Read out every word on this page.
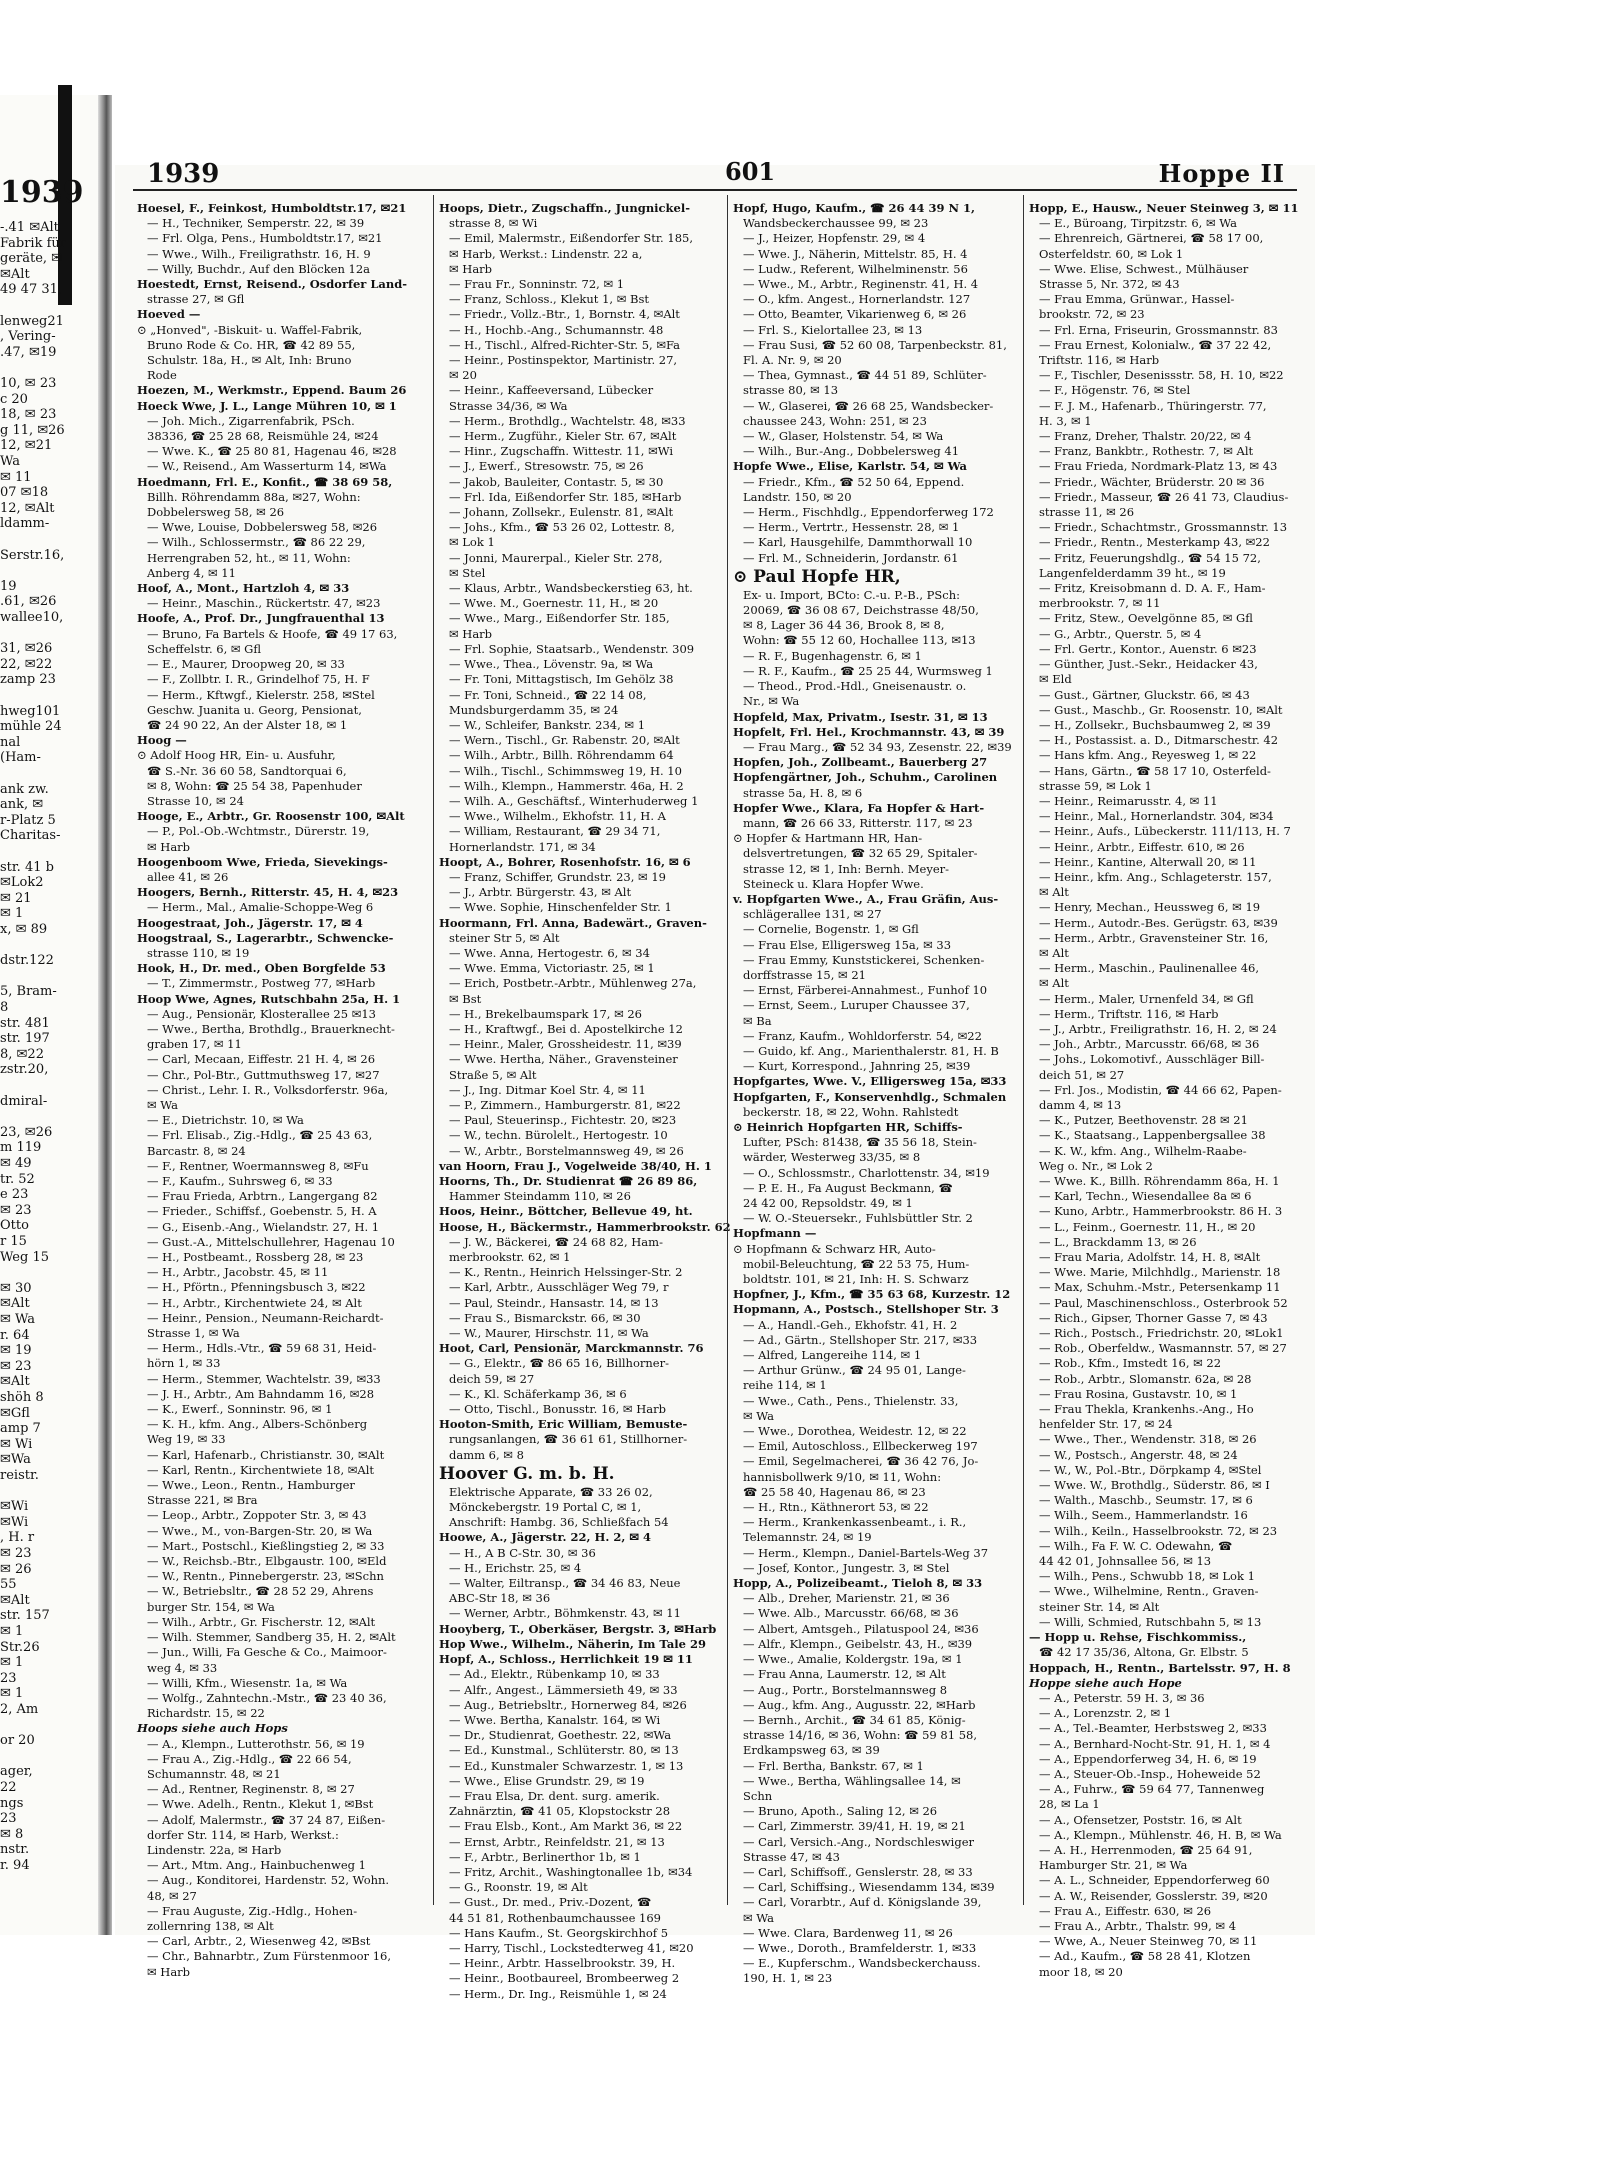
1939
-.41 ✉Alt
Fabrik für
geräte, ✉
✉Alt
49 47 31,
lenweg21
, Vering-
.47, ✉19
10, ✉ 23
c 20
18, ✉ 23
g 11, ✉26
12, ✉21
Wa
✉ 11
07 ✉18
12, ✉Alt
ldamm-
Serstr.16,
19
.61, ✉26
wallee10,
31, ✉26
22, ✉22
zamp 23
hweg101
mühle 24
nal
(Ham-
ank zw.
ank, ✉
r-Platz 5
Charitas-
str. 41 b
✉Lok2
✉ 21
✉ 1
x, ✉ 89
dstr.122
5, Bram-
8
str. 481
str. 197
8, ✉22
zstr.20,
dmiral-
23, ✉26
m 119
✉ 49
tr. 52
e 23
✉ 23
Otto
r 15
Weg 15
✉ 30
✉Alt
✉ Wa
r. 64
✉ 19
✉ 23
✉Alt
shöh 8
✉Gfl
amp 7
✉ Wi
✉Wa
reistr.
✉Wi
✉Wi
, H. r
✉ 23
✉ 26
55
✉Alt
str. 157
✉ 1
Str.26
✉ 1
23
✉ 1
2, Am
or 20
ager,
22
ngs
23
✉ 8
nstr.
r. 94
1939	601	Hoppe II
Hoesel, F., Feinkost, Humboldtstr.17, ✉21
— H., Techniker, Semperstr. 22, ✉ 39
— Frl. Olga, Pens., Humboldtstr.17, ✉21
— Wwe., Wilh., Freiligrathstr. 16, H. 9
— Willy, Buchdr., Auf den Blöcken 12a
Hoestedt, Ernst, Reisend., Osdorfer Land-
strasse 27, ✉ Gfl
Hoeved —
⊙ „Honved", -Biskuit- u. Waffel-Fabrik,
Bruno Rode & Co. HR, ☎ 42 89 55,
Schulstr. 18a, H., ✉ Alt, Inh: Bruno
Rode
Hoezen, M., Werkmstr., Eppend. Baum 26
Hoeck Wwe, J. L., Lange Mühren 10, ✉ 1
— Joh. Mich., Zigarrenfabrik, PSch.
38336, ☎ 25 28 68, Reismühle 24, ✉24
— Wwe. K., ☎ 25 80 81, Hagenau 46, ✉28
— W., Reisend., Am Wasserturm 14, ✉Wa
Hoedmann, Frl. E., Konfit., ☎ 38 69 58,
Billh. Röhrendamm 88a, ✉27, Wohn:
Dobbelersweg 58, ✉ 26
— Wwe, Louise, Dobbelersweg 58, ✉26
— Wilh., Schlossermstr., ☎ 86 22 29,
Herrengraben 52, ht., ✉ 11, Wohn:
Anberg 4, ✉ 11
Hoof, A., Mont., Hartzloh 4, ✉ 33
— Heinr., Maschin., Rückertstr. 47, ✉23
Hoofe, A., Prof. Dr., Jungfrauenthal 13
— Bruno, Fa Bartels & Hoofe, ☎ 49 17 63,
Scheffelstr. 6, ✉ Gfl
— E., Maurer, Droopweg 20, ✉ 33
— F., Zollbtr. I. R., Grindelhof 75, H. F
— Herm., Kftwgf., Kielerstr. 258, ✉Stel
Geschw. Juanita u. Georg, Pensionat,
☎ 24 90 22, An der Alster 18, ✉ 1
Hoog —
⊙ Adolf Hoog HR, Ein- u. Ausfuhr,
☎ S.-Nr. 36 60 58, Sandtorquai 6,
✉ 8, Wohn: ☎ 25 54 38, Papenhuder
Strasse 10, ✉ 24
Hooge, E., Arbtr., Gr. Roosenstr 100, ✉Alt
— P., Pol.-Ob.-Wchtmstr., Dürerstr. 19,
✉ Harb
Hoogenboom Wwe, Frieda, Sievekings-
allee 41, ✉ 26
Hoogers, Bernh., Ritterstr. 45, H. 4, ✉23
— Herm., Mal., Amalie-Schoppe-Weg 6
Hoogestraat, Joh., Jägerstr. 17, ✉ 4
Hoogstraal, S., Lagerarbtr., Schwencke-
strasse 110, ✉ 19
Hook, H., Dr. med., Oben Borgfelde 53
— T., Zimmermstr., Postweg 77, ✉Harb
Hoop Wwe, Agnes, Rutschbahn 25a, H. 1
— Aug., Pensionär, Klosterallee 25 ✉13
— Wwe., Bertha, Brothdlg., Brauerknecht-
graben 17, ✉ 11
— Carl, Mecaan, Eiffestr. 21 H. 4, ✉ 26
— Chr., Pol-Btr., Guttmuthsweg 17, ✉27
— Christ., Lehr. I. R., Volksdorferstr. 96a,
✉ Wa
— E., Dietrichstr. 10, ✉ Wa
— Frl. Elisab., Zig.-Hdlg., ☎ 25 43 63,
Barcastr. 8, ✉ 24
— F., Rentner, Woermannsweg 8, ✉Fu
— F., Kaufm., Suhrsweg 6, ✉ 33
— Frau Frieda, Arbtrn., Langergang 82
— Frieder., Schiffsf., Goebenstr. 5, H. A
— G., Eisenb.-Ang., Wielandstr. 27, H. 1
— Gust.-A., Mittelschullehrer, Hagenau 10
— H., Postbeamt., Rossberg 28, ✉ 23
— H., Arbtr., Jacobstr. 45, ✉ 11
— H., Pförtn., Pfenningsbusch 3, ✉22
— H., Arbtr., Kirchentwiete 24, ✉ Alt
— Heinr., Pension., Neumann-Reichardt-
Strasse 1, ✉ Wa
— Herm., Hdls.-Vtr., ☎ 59 68 31, Heid-
hörn 1, ✉ 33
— Herm., Stemmer, Wachtelstr. 39, ✉33
— J. H., Arbtr., Am Bahndamm 16, ✉28
— K., Ewerf., Sonninstr. 96, ✉ 1
— K. H., kfm. Ang., Albers-Schönberg
Weg 19, ✉ 33
— Karl, Hafenarb., Christianstr. 30, ✉Alt
— Karl, Rentn., Kirchentwiete 18, ✉Alt
— Wwe., Leon., Rentn., Hamburger
Strasse 221, ✉ Bra
— Leop., Arbtr., Zoppoter Str. 3, ✉ 43
— Wwe., M., von-Bargen-Str. 20, ✉ Wa
— Mart., Postschl., Kießlingstieg 2, ✉ 33
— W., Reichsb.-Btr., Elbgaustr. 100, ✉Eld
— W., Rentn., Pinnebergerstr. 23, ✉Schn
— W., Betriebsltr., ☎ 28 52 29, Ahrens
burger Str. 154, ✉ Wa
— Wilh., Arbtr., Gr. Fischerstr. 12, ✉Alt
— Wilh. Stemmer, Sandberg 35, H. 2, ✉Alt
— Jun., Willi, Fa Gesche & Co., Maimoor-
weg 4, ✉ 33
— Willi, Kfm., Wiesenstr. 1a, ✉ Wa
— Wolfg., Zahntechn.-Mstr., ☎ 23 40 36,
Richardstr. 15, ✉ 22
Hoops siehe auch Hops
— A., Klempn., Lutterothstr. 56, ✉ 19
— Frau A., Zig.-Hdlg., ☎ 22 66 54,
Schumannstr. 48, ✉ 21
— Ad., Rentner, Reginenstr. 8, ✉ 27
— Wwe. Adelh., Rentn., Klekut 1, ✉Bst
— Adolf, Malermstr., ☎ 37 24 87, Eißen-
dorfer Str. 114, ✉ Harb, Werkst.:
Lindenstr. 22a, ✉ Harb
— Art., Mtm. Ang., Hainbuchenweg 1
— Aug., Konditorei, Hardenstr. 52, Wohn.
48, ✉ 27
— Frau Auguste, Zig.-Hdlg., Hohen-
zollernring 138, ✉ Alt
— Carl, Arbtr., 2, Wiesenweg 42, ✉Bst
— Chr., Bahnarbtr., Zum Fürstenmoor 16,
✉ Harb
Hoops, Dietr., Zugschaffn., Jungnickel-
strasse 8, ✉ Wi
— Emil, Malermstr., Eißendorfer Str. 185,
✉ Harb, Werkst.: Lindenstr. 22 a,
✉ Harb
— Frau Fr., Sonninstr. 72, ✉ 1
— Franz, Schloss., Klekut 1, ✉ Bst
— Friedr., Vollz.-Btr., 1, Bornstr. 4, ✉Alt
— H., Hochb.-Ang., Schumannstr. 48
— H., Tischl., Alfred-Richter-Str. 5, ✉Fa
— Heinr., Postinspektor, Martinistr. 27,
✉ 20
— Heinr., Kaffeeversand, Lübecker
Strasse 34/36, ✉ Wa
— Herm., Brothdlg., Wachtelstr. 48, ✉33
— Herm., Zugführ., Kieler Str. 67, ✉Alt
— Hinr., Zugschaffn. Wittestr. 11, ✉Wi
— J., Ewerf., Stresowstr. 75, ✉ 26
— Jakob, Bauleiter, Contastr. 5, ✉ 30
— Frl. Ida, Eißendorfer Str. 185, ✉Harb
— Johann, Zollsekr., Eulenstr. 81, ✉Alt
— Johs., Kfm., ☎ 53 26 02, Lottestr. 8,
✉ Lok 1
— Jonni, Maurerpal., Kieler Str. 278,
✉ Stel
— Klaus, Arbtr., Wandsbeckerstieg 63, ht.
— Wwe. M., Goernestr. 11, H., ✉ 20
— Wwe., Marg., Eißendorfer Str. 185,
✉ Harb
— Frl. Sophie, Staatsarb., Wendenstr. 309
— Wwe., Thea., Lövenstr. 9a, ✉ Wa
— Fr. Toni, Mittagstisch, Im Gehölz 38
— Fr. Toni, Schneid., ☎ 22 14 08,
Mundsburgerdamm 35, ✉ 24
— W., Schleifer, Bankstr. 234, ✉ 1
— Wern., Tischl., Gr. Rabenstr. 20, ✉Alt
— Wilh., Arbtr., Billh. Röhrendamm 64
— Wilh., Tischl., Schimmsweg 19, H. 10
— Wilh., Klempn., Hammerstr. 46a, H. 2
— Wilh. A., Geschäftsf., Winterhuderweg 1
— Wwe., Wilhelm., Ekhofstr. 11, H. A
— William, Restaurant, ☎ 29 34 71,
Hornerlandstr. 171, ✉ 34
Hoopt, A., Bohrer, Rosenhofstr. 16, ✉ 6
— Franz, Schiffer, Grundstr. 23, ✉ 19
— J., Arbtr. Bürgerstr. 43, ✉ Alt
— Wwe. Sophie, Hinschenfelder Str. 1
Hoormann, Frl. Anna, Badewärt., Graven-
steiner Str 5, ✉ Alt
— Wwe. Anna, Hertogestr. 6, ✉ 34
— Wwe. Emma, Victoriastr. 25, ✉ 1
— Erich, Postbetr.-Arbtr., Mühlenweg 27a,
✉ Bst
— H., Brekelbaumspark 17, ✉ 26
— H., Kraftwgf., Bei d. Apostelkirche 12
— Heinr., Maler, Grossheidestr. 11, ✉39
— Wwe. Hertha, Näher., Gravensteiner
Straße 5, ✉ Alt
— J., Ing. Ditmar Koel Str. 4, ✉ 11
— P., Zimmern., Hamburgerstr. 81, ✉22
— Paul, Steuerinsp., Fichtestr. 20, ✉23
— W., techn. Bürolelt., Hertogestr. 10
— W., Arbtr., Borstelmannsweg 49, ✉ 26
van Hoorn, Frau J., Vogelweide 38/40, H. 1
Hoorns, Th., Dr. Studienrat ☎ 26 89 86,
Hammer Steindamm 110, ✉ 26
Hoos, Heinr., Böttcher, Bellevue 49, ht.
Hoose, H., Bäckermstr., Hammerbrookstr. 62
— J. W., Bäckerei, ☎ 24 68 82, Ham-
merbrookstr. 62, ✉ 1
— K., Rentn., Heinrich Helssinger-Str. 2
— Karl, Arbtr., Ausschläger Weg 79, r
— Paul, Steindr., Hansastr. 14, ✉ 13
— Frau S., Bismarckstr. 66, ✉ 30
— W., Maurer, Hirschstr. 11, ✉ Wa
Hoot, Carl, Pensionär, Marckmannstr. 76
— G., Elektr., ☎ 86 65 16, Billhorner-
deich 59, ✉ 27
— K., Kl. Schäferkamp 36, ✉ 6
— Otto, Tischl., Bonusstr. 16, ✉ Harb
Hooton-Smith, Eric William, Bemuste-
rungsanlangen, ☎ 36 61 61, Stillhorner-
damm 6, ✉ 8
Hoover G. m. b. H.
Elektrische Apparate, ☎ 33 26 02,
Mönckebergstr. 19 Portal C, ✉ 1,
Anschrift: Hambg. 36, Schließfach 54
Hoowe, A., Jägerstr. 22, H. 2, ✉ 4
— H., A B C-Str. 30, ✉ 36
— H., Erichstr. 25, ✉ 4
— Walter, Eiltransp., ☎ 34 46 83, Neue
ABC-Str 18, ✉ 36
— Werner, Arbtr., Böhmkenstr. 43, ✉ 11
Hooyberg, T., Oberkäser, Bergstr. 3, ✉Harb
Hop Wwe., Wilhelm., Näherin, Im Tale 29
Hopf, A., Schloss., Herrlichkeit 19 ✉ 11
— Ad., Elektr., Rübenkamp 10, ✉ 33
— Alfr., Angest., Lämmersieth 49, ✉ 33
— Aug., Betriebsltr., Hornerweg 84, ✉26
— Wwe. Bertha, Kanalstr. 164, ✉ Wi
— Dr., Studienrat, Goethestr. 22, ✉Wa
— Ed., Kunstmal., Schlüterstr. 80, ✉ 13
— Ed., Kunstmaler Schwarzestr. 1, ✉ 13
— Wwe., Elise Grundstr. 29, ✉ 19
— Frau Elsa, Dr. dent. surg. amerik.
Zahnärztin, ☎ 41 05, Klopstockstr 28
— Frau Elsb., Kont., Am Markt 36, ✉ 22
— Ernst, Arbtr., Reinfeldstr. 21, ✉ 13
— F., Arbtr., Berlinerthor 1b, ✉ 1
— Fritz, Archit., Washingtonallee 1b, ✉34
— G., Roonstr. 19, ✉ Alt
— Gust., Dr. med., Priv.-Dozent, ☎
44 51 81, Rothenbaumchaussee 169
— Hans Kaufm., St. Georgskirchhof 5
— Harry, Tischl., Lockstedterweg 41, ✉20
— Heinr., Arbtr. Hasselbrookstr. 39, H.
— Heinr., Bootbaureel, Brombeerweg 2
— Herm., Dr. Ing., Reismühle 1, ✉ 24
Hopf, Hugo, Kaufm., ☎ 26 44 39 N 1,
Wandsbeckerchaussee 99, ✉ 23
— J., Heizer, Hopfenstr. 29, ✉ 4
— Wwe. J., Näherin, Mittelstr. 85, H. 4
— Ludw., Referent, Wilhelminenstr. 56
— Wwe., M., Arbtr., Reginenstr. 41, H. 4
— O., kfm. Angest., Hornerlandstr. 127
— Otto, Beamter, Vikarienweg 6, ✉ 26
— Frl. S., Kielortallee 23, ✉ 13
— Frau Susi, ☎ 52 60 08, Tarpenbeckstr. 81,
Fl. A. Nr. 9, ✉ 20
— Thea, Gymnast., ☎ 44 51 89, Schlüter-
strasse 80, ✉ 13
— W., Glaserei, ☎ 26 68 25, Wandsbecker-
chaussee 243, Wohn: 251, ✉ 23
— W., Glaser, Holstenstr. 54, ✉ Wa
— Wilh., Bur.-Ang., Dobbelersweg 41
Hopfe Wwe., Elise, Karlstr. 54, ✉ Wa
— Friedr., Kfm., ☎ 52 50 64, Eppend.
Landstr. 150, ✉ 20
— Herm., Fischhdlg., Eppendorferweg 172
— Herm., Vertrtr., Hessenstr. 28, ✉ 1
— Karl, Hausgehilfe, Dammthorwall 10
— Frl. M., Schneiderin, Jordanstr. 61
⊙ Paul Hopfe HR,
Ex- u. Import, BCto: C.-u. P.-B., PSch:
20069, ☎ 36 08 67, Deichstrasse 48/50,
✉ 8, Lager 36 44 36, Brook 8, ✉ 8,
Wohn: ☎ 55 12 60, Hochallee 113, ✉13
— R. F., Bugenhagenstr. 6, ✉ 1
— R. F., Kaufm., ☎ 25 25 44, Wurmsweg 1
— Theod., Prod.-Hdl., Gneisenaustr. o.
Nr., ✉ Wa
Hopfeld, Max, Privatm., Isestr. 31, ✉ 13
Hopfelt, Frl. Hel., Krochmannstr. 43, ✉ 39
— Frau Marg., ☎ 52 34 93, Zesenstr. 22, ✉39
Hopfen, Joh., Zollbeamt., Bauerberg 27
Hopfengärtner, Joh., Schuhm., Carolinen
strasse 5a, H. 8, ✉ 6
Hopfer Wwe., Klara, Fa Hopfer & Hart-
mann, ☎ 26 66 33, Ritterstr. 117, ✉ 23
⊙ Hopfer & Hartmann HR, Han-
delsvertretungen, ☎ 32 65 29, Spitaler-
strasse 12, ✉ 1, Inh: Bernh. Meyer-
Steineck u. Klara Hopfer Wwe.
v. Hopfgarten Wwe., A., Frau Gräfin, Aus-
schlägerallee 131, ✉ 27
— Cornelie, Bogenstr. 1, ✉ Gfl
— Frau Else, Elligersweg 15a, ✉ 33
— Frau Emmy, Kunststickerei, Schenken-
dorffstrasse 15, ✉ 21
— Ernst, Färberei-Annahmest., Funhof 10
— Ernst, Seem., Luruper Chaussee 37,
✉ Ba
— Franz, Kaufm., Wohldorferstr. 54, ✉22
— Guido, kf. Ang., Marienthalerstr. 81, H. B
— Kurt, Korrespond., Jahnring 25, ✉39
Hopfgartes, Wwe. V., Elligersweg 15a, ✉33
Hopfgarten, F., Konservenhdlg., Schmalen
beckerstr. 18, ✉ 22, Wohn. Rahlstedt
⊙ Heinrich Hopfgarten HR, Schiffs-
Lufter, PSch: 81438, ☎ 35 56 18, Stein-
wärder, Westerweg 33/35, ✉ 8
— O., Schlossmstr., Charlottenstr. 34, ✉19
— P. E. H., Fa August Beckmann, ☎
24 42 00, Repsoldstr. 49, ✉ 1
— W. O.-Steuersekr., Fuhlsbüttler Str. 2
Hopfmann —
⊙ Hopfmann & Schwarz HR, Auto-
mobil-Beleuchtung, ☎ 22 53 75, Hum-
boldtstr. 101, ✉ 21, Inh: H. S. Schwarz
Hopfner, J., Kfm., ☎ 35 63 68, Kurzestr. 12
Hopmann, A., Postsch., Stellshoper Str. 3
— A., Handl.-Geh., Ekhofstr. 41, H. 2
— Ad., Gärtn., Stellshoper Str. 217, ✉33
— Alfred, Langereihe 114, ✉ 1
— Arthur Grünw., ☎ 24 95 01, Lange-
reihe 114, ✉ 1
— Wwe., Cath., Pens., Thielenstr. 33,
✉ Wa
— Wwe., Dorothea, Weidestr. 12, ✉ 22
— Emil, Autoschloss., Ellbeckerweg 197
— Emil, Segelmacherei, ☎ 36 42 76, Jo-
hannisbollwerk 9/10, ✉ 11, Wohn:
☎ 25 58 40, Hagenau 86, ✉ 23
— H., Rtn., Käthnerort 53, ✉ 22
— Herm., Krankenkassenbeamt., i. R.,
Telemannstr. 24, ✉ 19
— Herm., Klempn., Daniel-Bartels-Weg 37
— Josef, Kontor., Jungestr. 3, ✉ Stel
Hopp, A., Polizeibeamt., Tieloh 8, ✉ 33
— Alb., Dreher, Marienstr. 21, ✉ 36
— Wwe. Alb., Marcusstr. 66/68, ✉ 36
— Albert, Amtsgeh., Pilatuspool 24, ✉36
— Alfr., Klempn., Geibelstr. 43, H., ✉39
— Wwe., Amalie, Koldergstr. 19a, ✉ 1
— Frau Anna, Laumerstr. 12, ✉ Alt
— Aug., Portr., Borstelmannsweg 8
— Aug., kfm. Ang., Augusstr. 22, ✉Harb
— Bernh., Archit., ☎ 34 61 85, König-
strasse 14/16, ✉ 36, Wohn: ☎ 59 81 58,
Erdkampsweg 63, ✉ 39
— Frl. Bertha, Bankstr. 67, ✉ 1
— Wwe., Bertha, Wählingsallee 14, ✉
Schn
— Bruno, Apoth., Saling 12, ✉ 26
— Carl, Zimmerstr. 39/41, H. 19, ✉ 21
— Carl, Versich.-Ang., Nordschleswiger
Strasse 47, ✉ 43
— Carl, Schiffsoff., Genslerstr. 28, ✉ 33
— Carl, Schiffsing., Wiesendamm 134, ✉39
— Carl, Vorarbtr., Auf d. Königslande 39,
✉ Wa
— Wwe. Clara, Bardenweg 11, ✉ 26
— Wwe., Doroth., Bramfelderstr. 1, ✉33
— E., Kupferschm., Wandsbeckerchauss.
190, H. 1, ✉ 23
Hopp, E., Hausw., Neuer Steinweg 3, ✉ 11
— E., Büroang, Tirpitzstr. 6, ✉ Wa
— Ehrenreich, Gärtnerei, ☎ 58 17 00,
Osterfeldstr. 60, ✉ Lok 1
— Wwe. Elise, Schwest., Mülhäuser
Strasse 5, Nr. 372, ✉ 43
— Frau Emma, Grünwar., Hassel-
brookstr. 72, ✉ 23
— Frl. Erna, Friseurin, Grossmannstr. 83
— Frau Ernest, Kolonialw., ☎ 37 22 42,
Triftstr. 116, ✉ Harb
— F., Tischler, Desenissstr. 58, H. 10, ✉22
— F., Högenstr. 76, ✉ Stel
— F. J. M., Hafenarb., Thüringerstr. 77,
H. 3, ✉ 1
— Franz, Dreher, Thalstr. 20/22, ✉ 4
— Franz, Bankbtr., Rothestr. 7, ✉ Alt
— Frau Frieda, Nordmark-Platz 13, ✉ 43
— Friedr., Wächter, Brüderstr. 20 ✉ 36
— Friedr., Masseur, ☎ 26 41 73, Claudius-
strasse 11, ✉ 26
— Friedr., Schachtmstr., Grossmannstr. 13
— Friedr., Rentn., Mesterkamp 43, ✉22
— Fritz, Feuerungshdlg., ☎ 54 15 72,
Langenfelderdamm 39 ht., ✉ 19
— Fritz, Kreisobmann d. D. A. F., Ham-
merbrookstr. 7, ✉ 11
— Fritz, Stew., Oevelgönne 85, ✉ Gfl
— G., Arbtr., Querstr. 5, ✉ 4
— Frl. Gertr., Kontor., Auenstr. 6 ✉23
— Günther, Just.-Sekr., Heidacker 43,
✉ Eld
— Gust., Gärtner, Gluckstr. 66, ✉ 43
— Gust., Maschb., Gr. Roosenstr. 10, ✉Alt
— H., Zollsekr., Buchsbaumweg 2, ✉ 39
— H., Postassist. a. D., Ditmarschestr. 42
— Hans kfm. Ang., Reyesweg 1, ✉ 22
— Hans, Gärtn., ☎ 58 17 10, Osterfeld-
strasse 59, ✉ Lok 1
— Heinr., Reimarusstr. 4, ✉ 11
— Heinr., Mal., Hornerlandstr. 304, ✉34
— Heinr., Aufs., Lübeckerstr. 111/113, H. 7
— Heinr., Arbtr., Eiffestr. 610, ✉ 26
— Heinr., Kantine, Alterwall 20, ✉ 11
— Heinr., kfm. Ang., Schlageterstr. 157,
✉ Alt
— Henry, Mechan., Heussweg 6, ✉ 19
— Herm., Autodr.-Bes. Gerügstr. 63, ✉39
— Herm., Arbtr., Gravensteiner Str. 16,
✉ Alt
— Herm., Maschin., Paulinenallee 46,
✉ Alt
— Herm., Maler, Urnenfeld 34, ✉ Gfl
— Herm., Triftstr. 116, ✉ Harb
— J., Arbtr., Freiligrathstr. 16, H. 2, ✉ 24
— Joh., Arbtr., Marcusstr. 66/68, ✉ 36
— Johs., Lokomotivf., Ausschläger Bill-
deich 51, ✉ 27
— Frl. Jos., Modistin, ☎ 44 66 62, Papen-
damm 4, ✉ 13
— K., Putzer, Beethovenstr. 28 ✉ 21
— K., Staatsang., Lappenbergsallee 38
— K. W., kfm. Ang., Wilhelm-Raabe-
Weg o. Nr., ✉ Lok 2
— Wwe. K., Billh. Röhrendamm 86a, H. 1
— Karl, Techn., Wiesendallee 8a ✉ 6
— Kuno, Arbtr., Hammerbrookstr. 86 H. 3
— L., Feinm., Goernestr. 11, H., ✉ 20
— L., Brackdamm 13, ✉ 26
— Frau Maria, Adolfstr. 14, H. 8, ✉Alt
— Wwe. Marie, Milchhdlg., Marienstr. 18
— Max, Schuhm.-Mstr., Petersenkamp 11
— Paul, Maschinenschloss., Osterbrook 52
— Rich., Gipser, Thorner Gasse 7, ✉ 43
— Rich., Postsch., Friedrichstr. 20, ✉Lok1
— Rob., Oberfeldw., Wasmannstr. 57, ✉ 27
— Rob., Kfm., Imstedt 16, ✉ 22
— Rob., Arbtr., Slomanstr. 62a, ✉ 28
— Frau Rosina, Gustavstr. 10, ✉ 1
— Frau Thekla, Krankenhs.-Ang., Ho
henfelder Str. 17, ✉ 24
— Wwe., Ther., Wendenstr. 318, ✉ 26
— W., Postsch., Angerstr. 48, ✉ 24
— W., W., Pol.-Btr., Dörpkamp 4, ✉Stel
— Wwe. W., Brothdlg., Süderstr. 86, ✉ I
— Walth., Maschb., Seumstr. 17, ✉ 6
— Wilh., Seem., Hammerlandstr. 16
— Wilh., Keiln., Hasselbrookstr. 72, ✉ 23
— Wilh., Fa F. W. C. Odewahn, ☎
44 42 01, Johnsallee 56, ✉ 13
— Wilh., Pens., Schwubb 18, ✉ Lok 1
— Wwe., Wilhelmine, Rentn., Graven-
steiner Str. 14, ✉ Alt
— Willi, Schmied, Rutschbahn 5, ✉ 13
— Hopp u. Rehse, Fischkommiss.,
☎ 42 17 35/36, Altona, Gr. Elbstr. 5
Hoppach, H., Rentn., Bartelsstr. 97, H. 8
Hoppe siehe auch Hope
— A., Peterstr. 59 H. 3, ✉ 36
— A., Lorenzstr. 2, ✉ 1
— A., Tel.-Beamter, Herbstsweg 2, ✉33
— A., Bernhard-Nocht-Str. 91, H. 1, ✉ 4
— A., Eppendorferweg 34, H. 6, ✉ 19
— A., Steuer-Ob.-Insp., Hoheweide 52
— A., Fuhrw., ☎ 59 64 77, Tannenweg
28, ✉ La 1
— A., Ofensetzer, Poststr. 16, ✉ Alt
— A., Klempn., Mühlenstr. 46, H. B, ✉ Wa
— A. H., Herrenmoden, ☎ 25 64 91,
Hamburger Str. 21, ✉ Wa
— A. L., Schneider, Eppendorferweg 60
— A. W., Reisender, Gosslerstr. 39, ✉20
— Frau A., Eiffestr. 630, ✉ 26
— Frau A., Arbtr., Thalstr. 99, ✉ 4
— Wwe, A., Neuer Steinweg 70, ✉ 11
— Ad., Kaufm., ☎ 58 28 41, Klotzen
moor 18, ✉ 20
